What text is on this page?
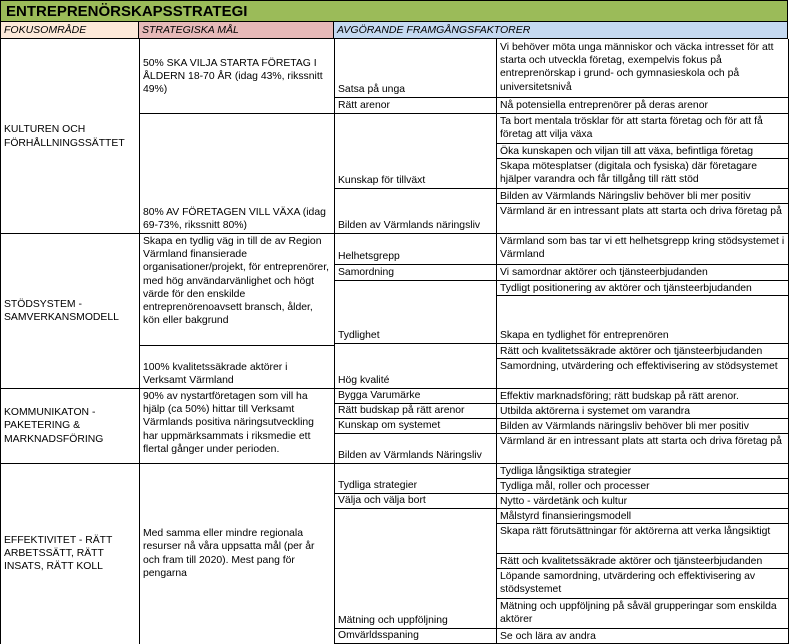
ENTREPRENÖRSKAPSSTRATEGI
FOKUSOMRÅDE	STRATEGISKA MÅL	AVGÖRANDE FRAMGÅNGSFAKTORER
KULTUREN OCH FÖRHÅLLNINGSSÄTTET
STÖDSYSTEM - SAMVERKANSMODELL
KOMMUNIKATON - PAKETERING & MARKNADSFÖRING
EFFEKTIVITET - RÄTT ARBETSSÄTT, RÄTT INSATS, RÄTT KOLL
50% SKA VILJA STARTA FÖRETAG I ÅLDERN 18-70 ÅR (idag 43%, rikssnitt 49%)
80% AV FÖRETAGEN VILL VÄXA (idag 69-73%, rikssnitt 80%)
Skapa en tydlig väg in till de av Region Värmland finansierade organisationer/projekt, för entreprenörer, med hög användarvänlighet och högt värde för den enskilde entreprenörenoavsett bransch, ålder, kön eller bakgrund
100% kvalitetssäkrade aktörer i Verksamt Värmland
90% av nystartföretagen som vill ha hjälp (ca 50%) hittar till Verksamt Värmlands positiva näringsutveckling har uppmärksammats i riksmedie ett flertal gånger under perioden.
Med samma eller mindre regionala resurser nå våra uppsatta mål (per år och fram till 2020). Mest pang för pengarna
Satsa på unga
Rätt arenor
Kunskap för tillväxt
Bilden av Värmlands näringsliv
Helhetsgrepp
Samordning
Tydlighet
Hög kvalité
Bygga Varumärke
Rätt budskap på rätt arenor
Kunskap om systemet
Bilden av Värmlands Näringsliv
Tydliga strategier
Välja och välja bort
Mätning och uppföljning
Omvärldsspaning
Vi behöver möta unga människor och väcka intresset för att starta och utveckla företag, exempelvis fokus på entreprenörskap i grund- och gymnasieskola och på universitetsnivå
Nå potensiella entreprenörer på deras arenor
Ta bort mentala trösklar för att starta företag och för att få företag att vilja växa
Öka kunskapen och viljan till att växa, befintliga företag
Skapa mötesplatser (digitala och fysiska) där företagare hjälper varandra och får tillgång till rätt stöd
Bilden av Värmlands Näringsliv behöver bli mer positiv
Värmland är en intressant plats att starta och driva företag på
Värmland som bas tar vi ett helhetsgrepp kring stödsystemet i Värmland
Vi samordnar aktörer och tjänsteerbjudanden
Tydligt positionering av aktörer och tjänsteerbjudanden
Skapa en tydlighet för entreprenören
Rätt och kvalitetssäkrade aktörer och tjänsteerbjudanden
Samordning, utvärdering och effektivisering av stödsystemet
Effektiv marknadsföring; rätt budskap på rätt arenor.
Utbilda aktörerna i systemet om varandra
Bilden av Värmlands näringsliv behöver bli mer positiv
Värmland är en intressant plats att starta och driva företag på
Tydliga långsiktiga strategier
Tydliga mål, roller och processer
Nytto - värdetänk och kultur
Målstyrd finansieringsmodell
Skapa rätt förutsättningar för aktörerna att verka långsiktigt
Rätt och kvalitetssäkrade aktörer och tjänsteerbjudanden
Löpande samordning, utvärdering och effektivisering av stödsystemet
Mätning och uppföljning på såväl grupperingar som enskilda aktörer
Se och lära av andra
